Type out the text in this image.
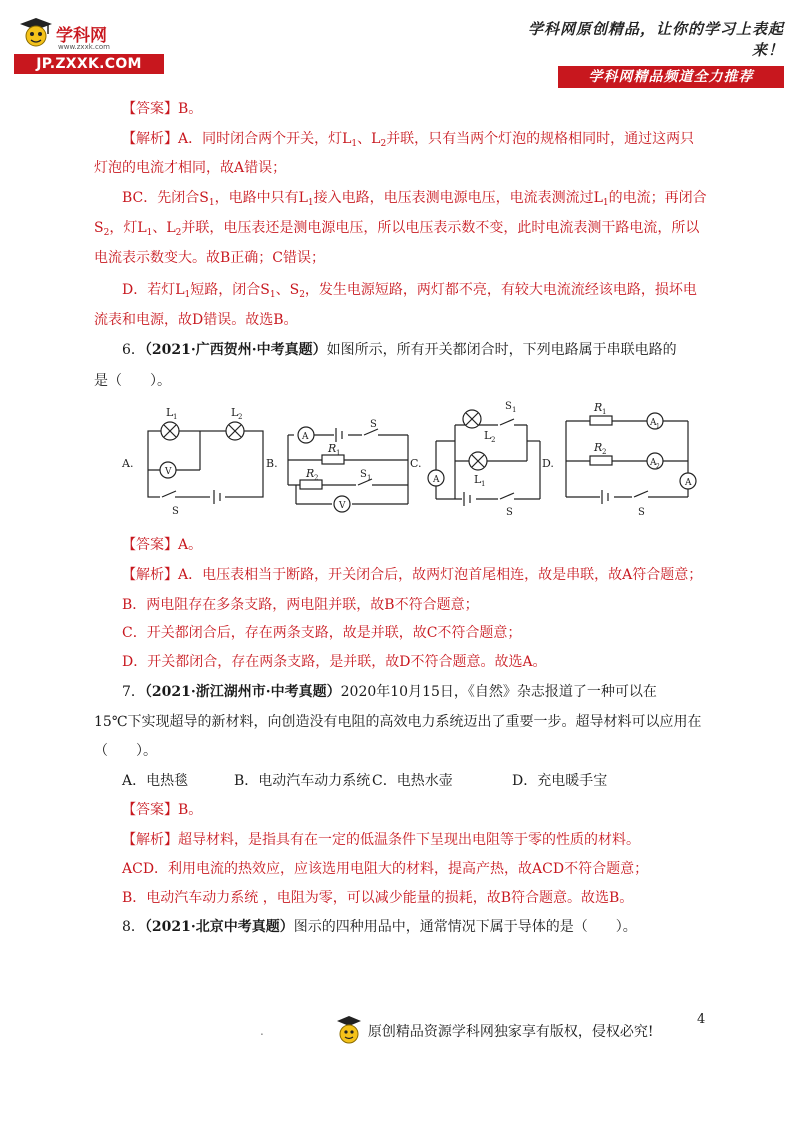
学科网
www.zxxk.com
JP.ZXXK.COM
学科网原创精品，让你的学习上表起来！
学科网精品频道全力推荐
【答案】B。
【解析】A．同时闭合两个开关，灯$L_1$、$L_2$并联，只有当两个灯泡的规格相同时，通过这两只
灯泡的电流才相同，故A错误；
BC．先闭合$S_1$，电路中只有$L_1$接入电路，电压表测电源电压，电流表测流过$L_1$的电流；再闭合
$S_2$，灯$L_1$、$L_2$并联，电压表还是测电源电压，所以电压表示数不变，此时电流表测干路电流，所以
电流表示数变大。故B正确；C错误；
D．若灯$L_1$短路，闭合$S_1$、$S_2$，发生电源短路，两灯都不亮，有较大电流流经该电路，损坏电
流表和电源，故D错误。故选B。
6．（2021·广西贺州·中考真题）如图所示，所有开关都闭合时，下列电路属于串联电路的
是（　　）。
A.	B.	C.	D.
L 1	L 2
V
S
A
S
R 1
R 2	S 1
V
S 1
L 2
L 1
A
S
R 1
A 1
R 2
A 2
A
S
【答案】A。
【解析】A．电压表相当于断路，开关闭合后，故两灯泡首尾相连，故是串联，故A符合题意；
B．两电阻存在多条支路，两电阻并联，故B不符合题意；
C．开关都闭合后，存在两条支路，故是并联，故C不符合题意；
D．开关都闭合，存在两条支路，是并联，故D不符合题意。故选A。
7．（2021·浙江湖州市·中考真题）2020年10月15日，《自然》杂志报道了一种可以在
15℃下实现超导的新材料，向创造没有电阻的高效电力系统迈出了重要一步。超导材料可以应用在
（　　）。
A．电热毯	B．电动汽车动力系统 C．电热水壶	D．充电暖手宝
【答案】B。
【解析】超导材料，是指具有在一定的低温条件下呈现出电阻等于零的性质的材料。
ACD．利用电流的热效应，应该选用电阻大的材料，提高产热，故ACD不符合题意；
B．电动汽车动力系统 ，电阻为零，可以减少能量的损耗，故B符合题意。故选B。
8．（2021·北京中考真题）图示的四种用品中，通常情况下属于导体的是（　　）。
4
.	原创精品资源学科网独家享有版权，侵权必究!
